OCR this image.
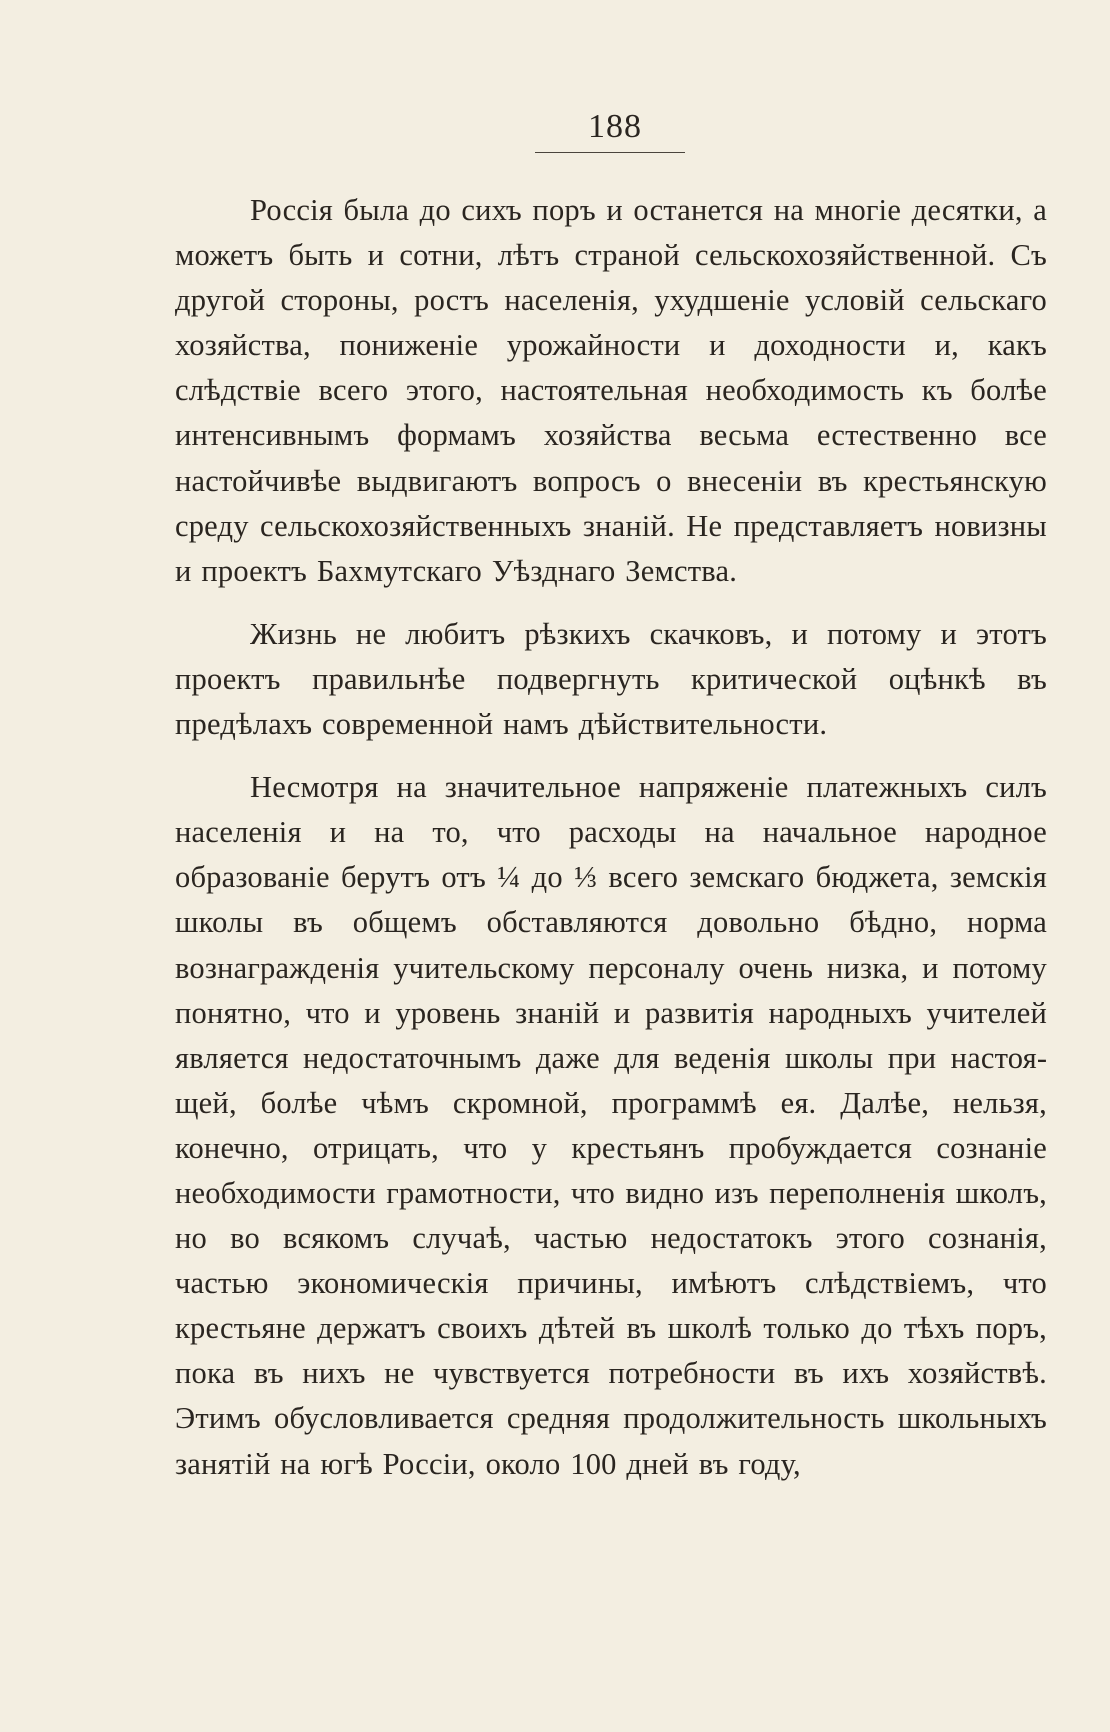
188

Россія была до сихъ поръ и останется на многіе десятки, а можетъ быть и сотни, лѣтъ страной сельскохозяйственной. Съ другой стороны, ростъ населенія, ухудшеніе условій сельскаго хозяйства, пониженіе урожайности и доходности и, какъ слѣдствіе всего этого, настоятельная необходимость къ болѣе интенсивнымъ формамъ хозяйства весьма естественно все настойчивѣе выдвигаютъ вопросъ о внесеніи въ крестьянскую среду сельскохозяйственныхъ знаній. Не представляетъ новизны и проектъ Бахмутскаго Уѣзднаго Земства.

Жизнь не любитъ рѣзкихъ скачковъ, и потому и этотъ проектъ правильнѣе подвергнуть критической оцѣнкѣ въ предѣлахъ современной намъ дѣйствительности.

Несмотря на значительное напряженіе платежныхъ силъ населенія и на то, что расходы на начальное народное образованіе берутъ отъ ¼ до ⅓ всего земскаго бюджета, земскія школы въ общемъ обставляются довольно бѣдно, норма вознагражденія учительскому персоналу очень низка, и потому понятно, что и уровень знаній и развитія народныхъ учителей является недостаточнымъ даже для веденія школы при настоящей, болѣе чѣмъ скромной, программѣ ея. Далѣе, нельзя, конечно, отрицать, что у крестьянъ пробуждается сознаніе необходимости грамотности, что видно изъ переполненія школъ, но во всякомъ случаѣ, частью недостатокъ этого сознанія, частью экономическія причины, имѣютъ слѣдствіемъ, что крестьяне держатъ своихъ дѣтей въ школѣ только до тѣхъ поръ, пока въ нихъ не чувствуется потребности въ ихъ хозяйствѣ. Этимъ обусловливается средняя продолжительность школьныхъ занятій на югѣ Россіи, около 100 дней въ году,
